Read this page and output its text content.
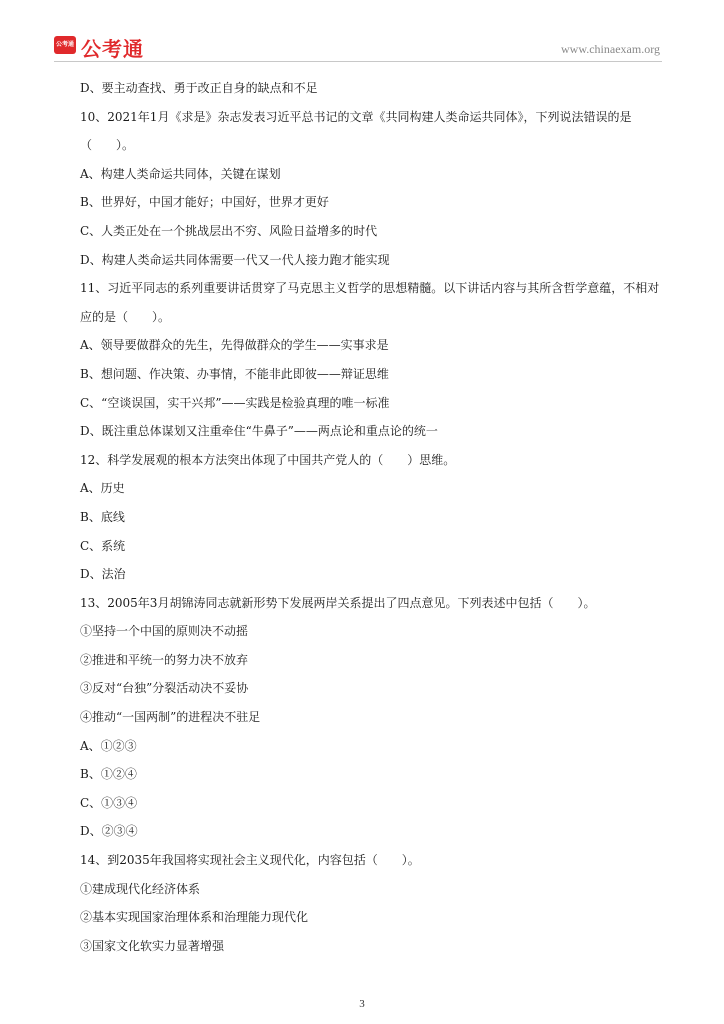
公考通 公考通	www.chinaexam.org
D、要主动查找、勇于改正自身的缺点和不足
10、2021年1月《求是》杂志发表习近平总书记的文章《共同构建人类命运共同体》，下列说法错误的是（　　）。
A、构建人类命运共同体，关键在谋划
B、世界好，中国才能好；中国好，世界才更好
C、人类正处在一个挑战层出不穷、风险日益增多的时代
D、构建人类命运共同体需要一代又一代人接力跑才能实现
11、习近平同志的系列重要讲话贯穿了马克思主义哲学的思想精髓。以下讲话内容与其所含哲学意蕴，不相对应的是（　　）。
A、领导要做群众的先生，先得做群众的学生——实事求是
B、想问题、作决策、办事情，不能非此即彼——辩证思维
C、“空谈误国，实干兴邦”——实践是检验真理的唯一标准
D、既注重总体谋划又注重牵住“牛鼻子”——两点论和重点论的统一
12、科学发展观的根本方法突出体现了中国共产党人的（　　）思维。
A、历史
B、底线
C、系统
D、法治
13、2005年3月胡锦涛同志就新形势下发展两岸关系提出了四点意见。下列表述中包括（　　）。
①坚持一个中国的原则决不动摇
②推进和平统一的努力决不放弃
③反对“台独”分裂活动决不妥协
④推动“一国两制”的进程决不驻足
A、①②③
B、①②④
C、①③④
D、②③④
14、到2035年我国将实现社会主义现代化，内容包括（　　）。
①建成现代化经济体系
②基本实现国家治理体系和治理能力现代化
③国家文化软实力显著增强
3
